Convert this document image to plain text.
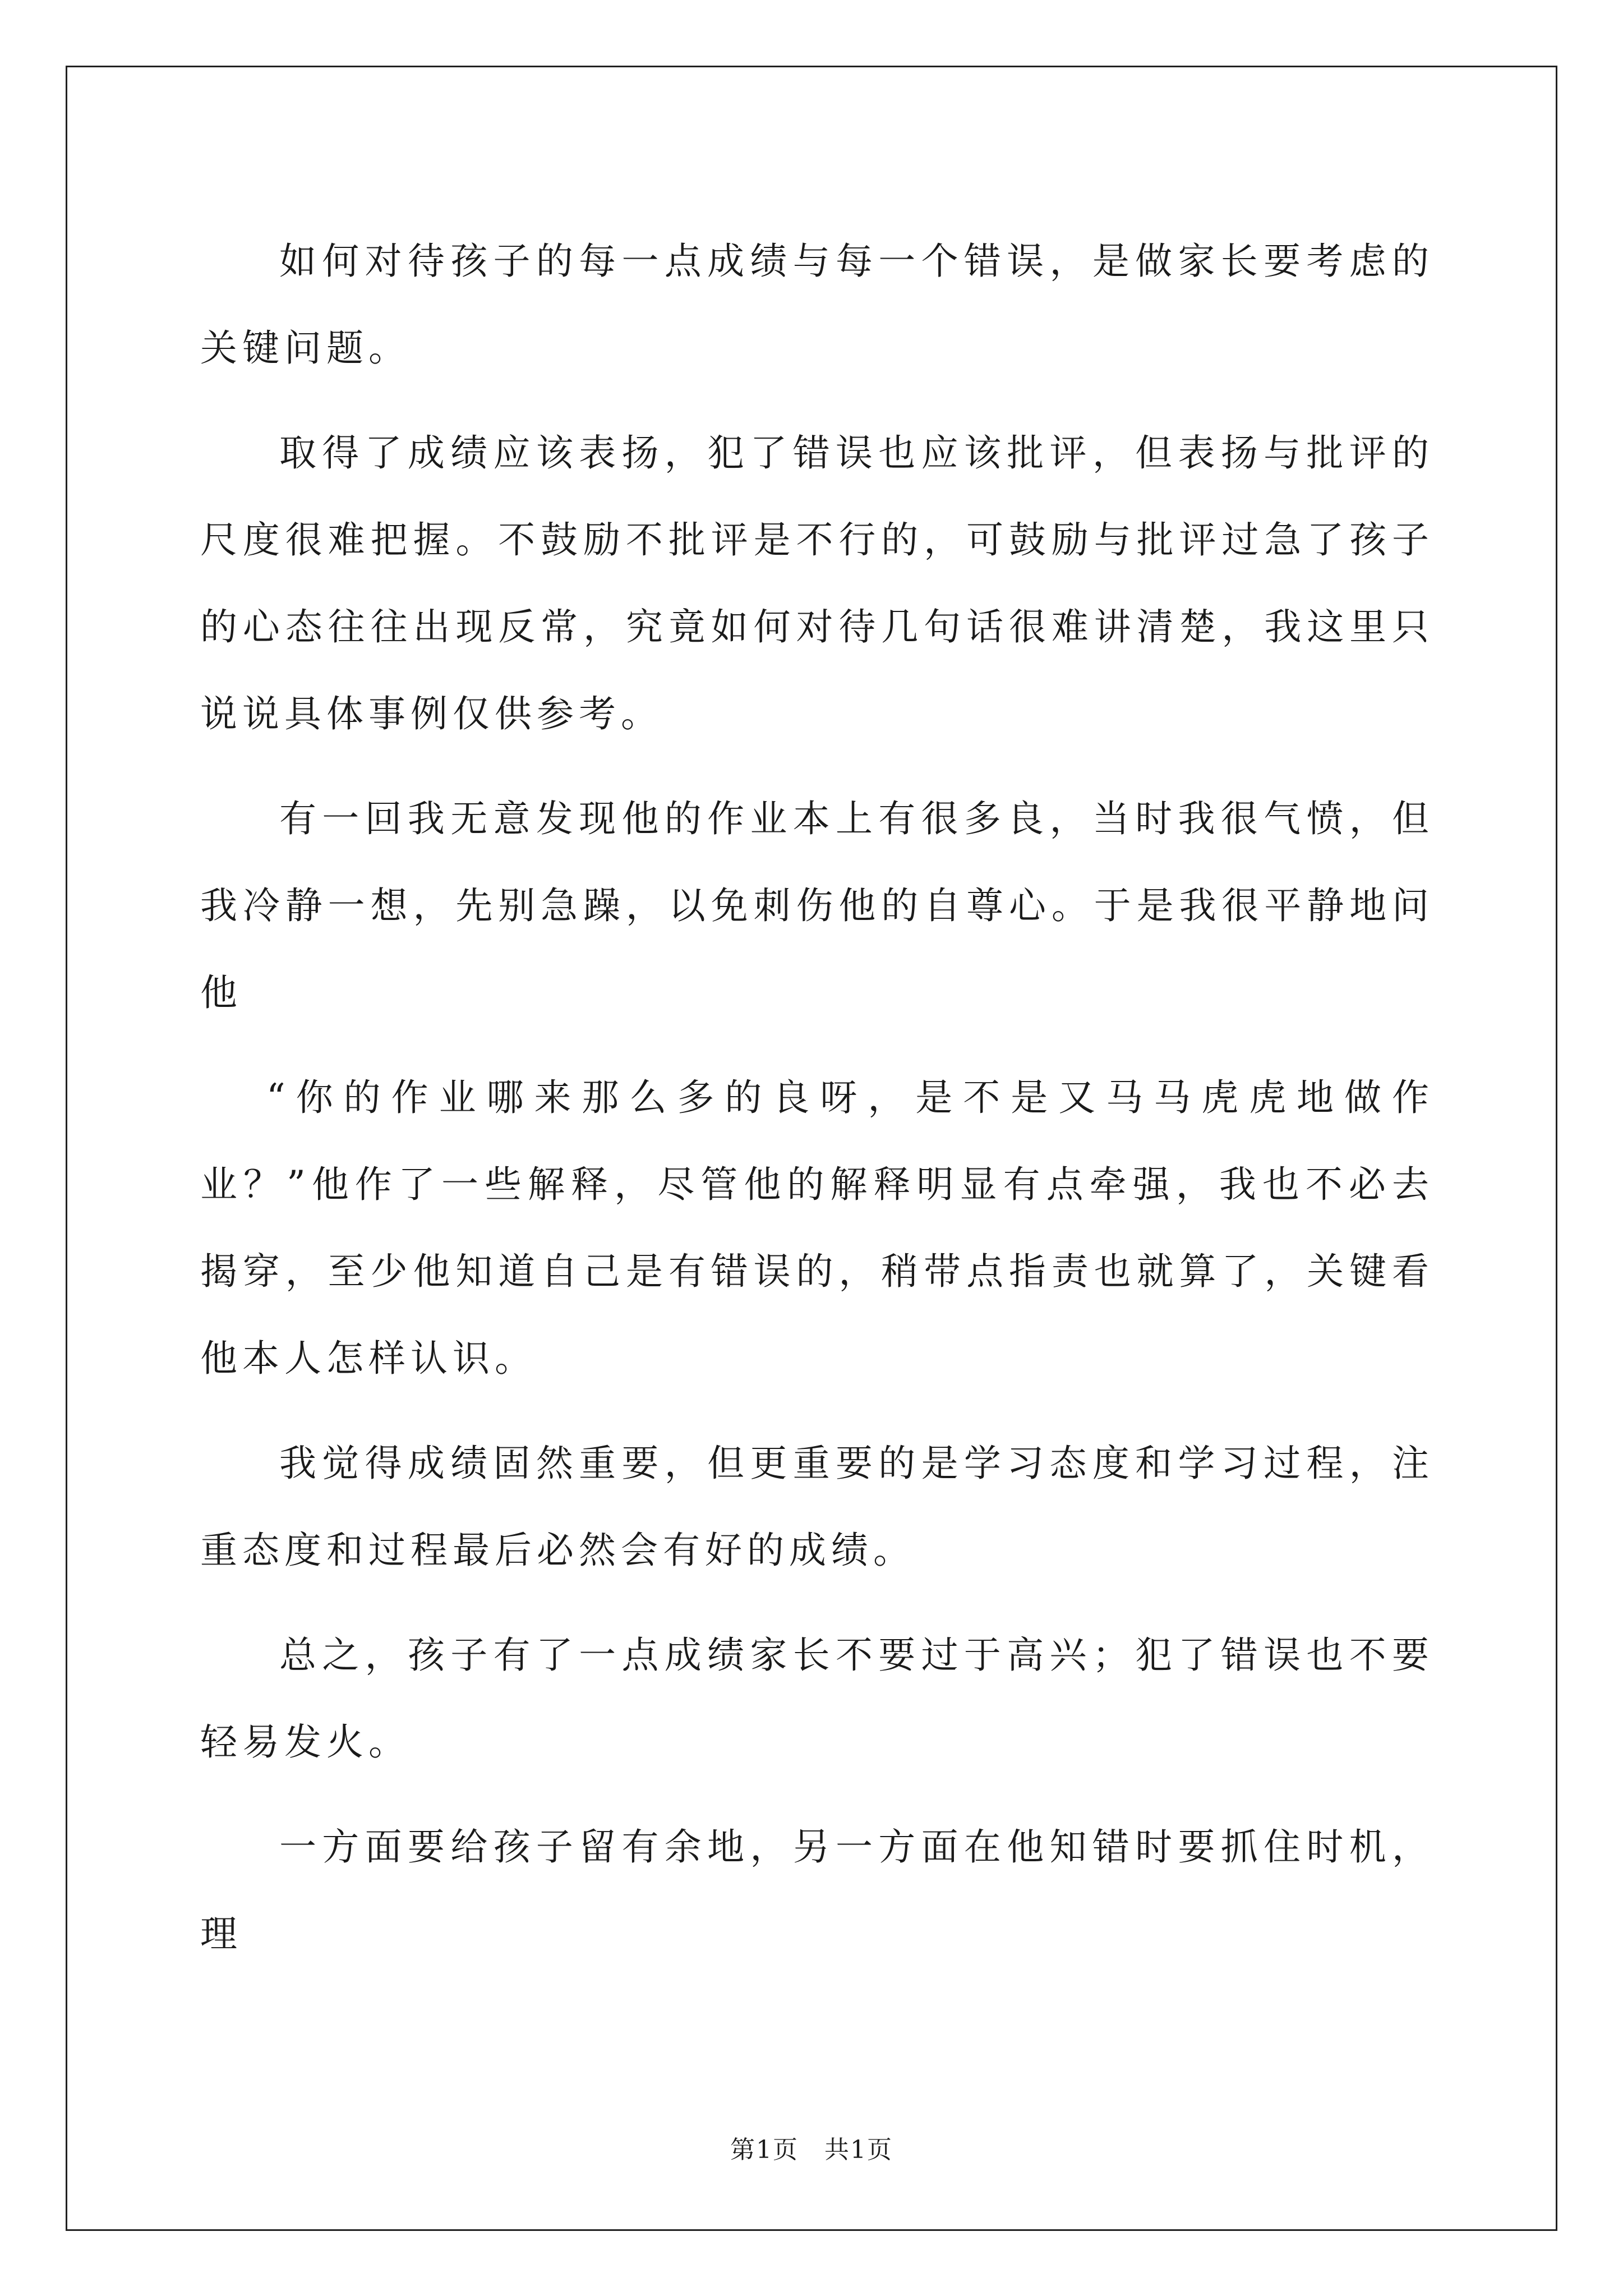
如何对待孩子的每一点成绩与每一个错误，是做家长要考虑的关键问题。

取得了成绩应该表扬，犯了错误也应该批评，但表扬与批评的尺度很难把握。不鼓励不批评是不行的，可鼓励与批评过急了孩子的心态往往出现反常，究竟如何对待几句话很难讲清楚，我这里只说说具体事例仅供参考。

有一回我无意发现他的作业本上有很多良，当时我很气愤，但我冷静一想，先别急躁，以免刺伤他的自尊心。于是我很平静地问他

“你的作业哪来那么多的良呀，是不是又马马虎虎地做作业？”他作了一些解释，尽管他的解释明显有点牵强，我也不必去揭穿，至少他知道自己是有错误的，稍带点指责也就算了，关键看他本人怎样认识。

我觉得成绩固然重要，但更重要的是学习态度和学习过程，注重态度和过程最后必然会有好的成绩。

总之，孩子有了一点成绩家长不要过于高兴；犯了错误也不要轻易发火。

一方面要给孩子留有余地，另一方面在他知错时要抓住时机，理

第1页 共1页
